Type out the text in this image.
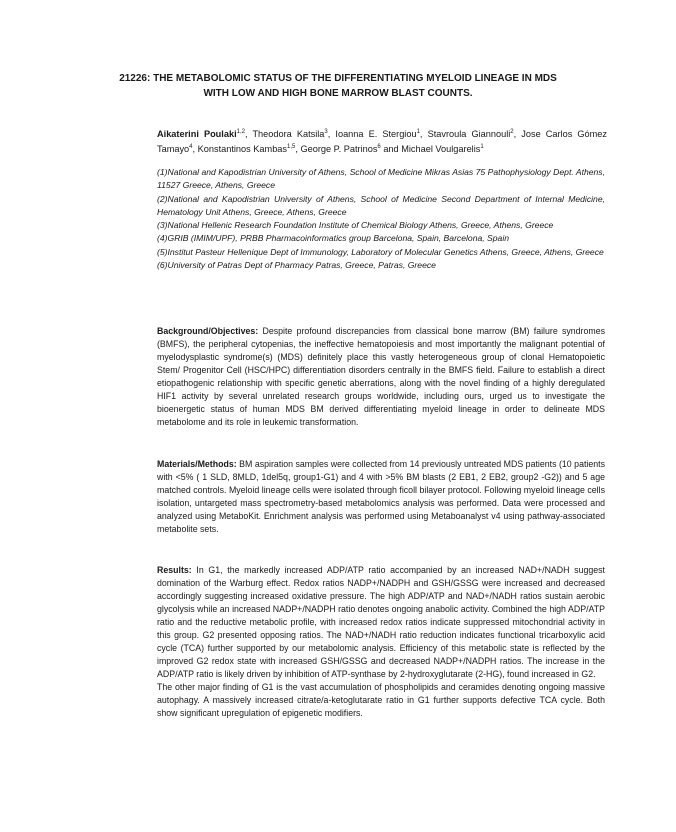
21226: THE METABOLOMIC STATUS OF THE DIFFERENTIATING MYELOID LINEAGE IN MDS
WITH LOW AND HIGH BONE MARROW BLAST COUNTS.
Aikaterini Poulaki$^{1,2}$, Theodora Katsila$^3$, Ioanna E. Stergiou$^1$, Stavroula Giannouli$^2$, Jose Carlos Gómez Tamayo$^4$, Konstantinos Kambas$^{1,5}$, George P. Patrinos$^6$ and Michael Voulgarelis$^1$
(1)National and Kapodistrian University of Athens, School of Medicine Mikras Asias 75 Pathophysiology Dept. Athens, 11527 Greece, Athens, Greece
(2)National and Kapodistrian University of Athens, School of Medicine Second Department of Internal Medicine, Hematology Unit Athens, Greece, Athens, Greece
(3)National Hellenic Research Foundation Institute of Chemical Biology Athens, Greece, Athens, Greece
(4)GRIB (IMIM/UPF), PRBB Pharmacoinformatics group Barcelona, Spain, Barcelona, Spain
(5)Institut Pasteur Hellenique Dept of Immunology, Laboratory of Molecular Genetics Athens, Greece, Athens, Greece
(6)University of Patras Dept of Pharmacy Patras, Greece, Patras, Greece

Background/Objectives: Despite profound discrepancies from classical bone marrow (BM) failure syndromes (BMFS), the peripheral cytopenias, the ineffective hematopoiesis and most importantly the malignant potential of myelodysplastic syndrome(s) (MDS) definitely place this vastly heterogeneous group of clonal Hematopoietic Stem/ Progenitor Cell (HSC/HPC) differentiation disorders centrally in the BMFS field. Failure to establish a direct etiopathogenic relationship with specific genetic aberrations, along with the novel finding of a highly deregulated HIF1 activity by several unrelated research groups worldwide, including ours, urged us to investigate the bioenergetic status of human MDS BM derived differentiating myeloid lineage in order to delineate MDS metabolome and its role in leukemic transformation.

Materials/Methods: BM aspiration samples were collected from 14 previously untreated MDS patients (10 patients with <5% ( 1 SLD, 8MLD, 1del5q, group1-G1) and 4 with >5% BM blasts (2 EB1, 2 EB2, group2 -G2)) and 5 age matched controls. Myeloid lineage cells were isolated through ficoll bilayer protocol. Following myeloid lineage cells isolation, untargeted mass spectrometry-based metabolomics analysis was performed. Data were processed and analyzed using MetaboKit. Enrichment analysis was performed using Metaboanalyst v4 using pathway-associated metabolite sets.

Results: In G1, the markedly increased ADP/ATP ratio accompanied by an increased NAD+/NADH suggest domination of the Warburg effect. Redox ratios NADP+/NADPH and GSH/GSSG were increased and decreased accordingly suggesting increased oxidative pressure. The high ADP/ATP and NAD+/NADH ratios sustain aerobic glycolysis while an increased NADP+/NADPH ratio denotes ongoing anabolic activity. Combined the high ADP/ATP ratio and the reductive metabolic profile, with increased redox ratios indicate suppressed mitochondrial activity in this group. G2 presented opposing ratios. The NAD+/NADH ratio reduction indicates functional tricarboxylic acid cycle (TCA) further supported by our metabolomic analysis. Efficiency of this metabolic state is reflected by the improved G2 redox state with increased GSH/GSSG and decreased NADP+/NADPH ratios. The increase in the ADP/ATP ratio is likely driven by inhibition of ATP-synthase by 2-hydroxyglutarate (2-HG), found increased in G2.

The other major finding of G1 is the vast accumulation of phospholipids and ceramides denoting ongoing massive autophagy. A massively increased citrate/a-ketoglutarate ratio in G1 further supports defective TCA cycle. Both show significant upregulation of epigenetic modifiers.
